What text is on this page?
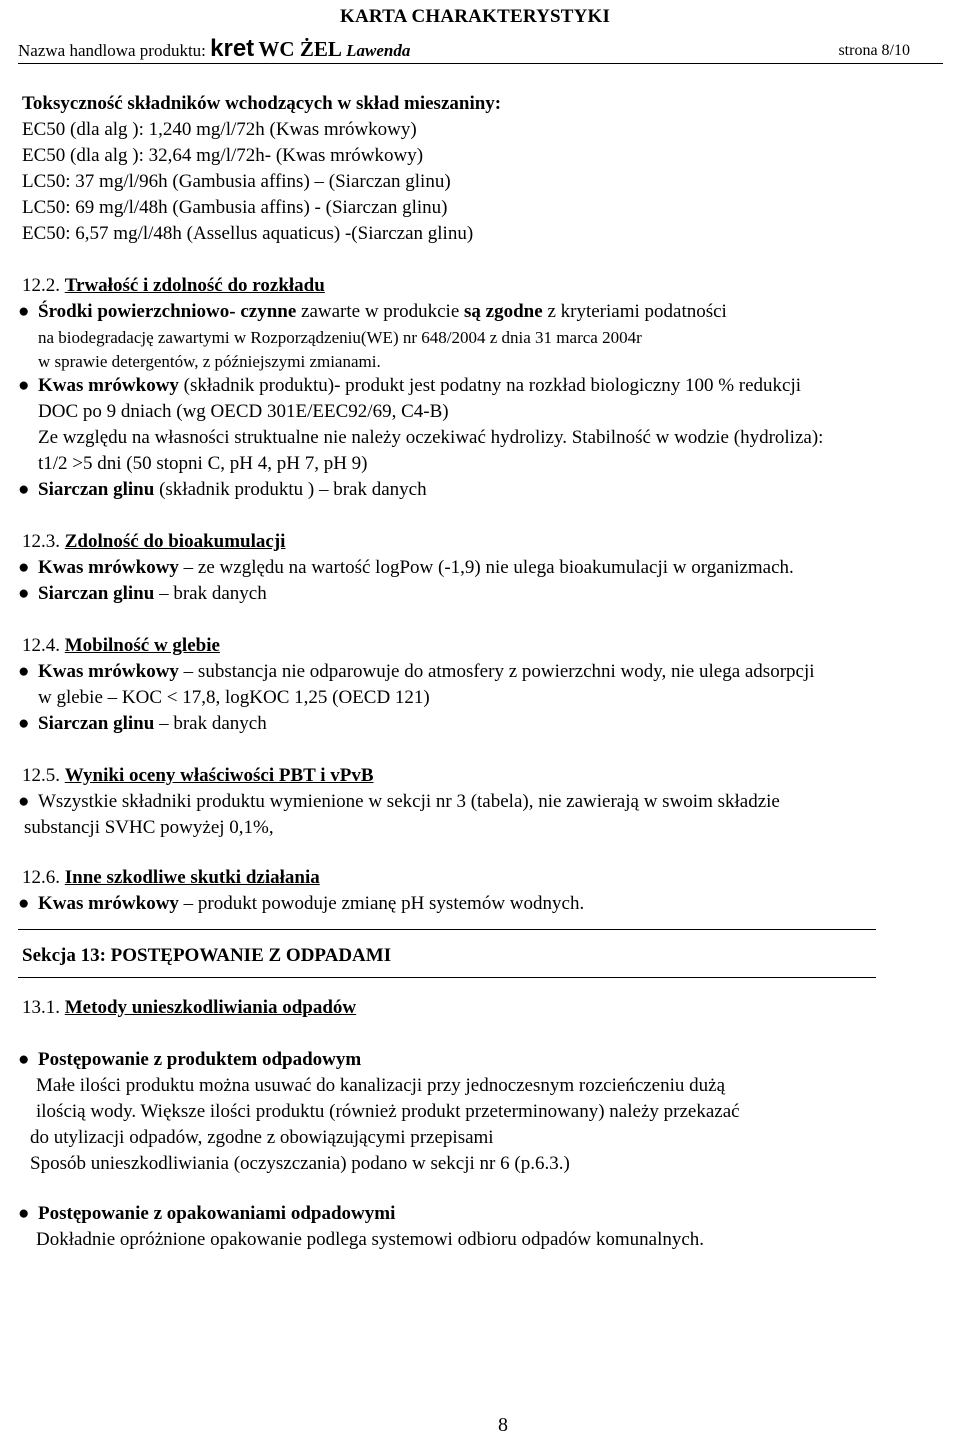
KARTA CHARAKTERYSTYKI
Nazwa handlowa produktu: kret WC ŻEL Lawenda	strona 8/10
Toksyczność składników wchodzących w skład mieszaniny:
EC50 (dla alg ): 1,240 mg/l/72h (Kwas mrówkowy)
EC50 (dla alg ): 32,64 mg/l/72h- (Kwas mrówkowy)
LC50: 37 mg/l/96h (Gambusia affins) – (Siarczan glinu)
LC50: 69 mg/l/48h (Gambusia affins) - (Siarczan glinu)
EC50: 6,57 mg/l/48h (Assellus aquaticus) -(Siarczan glinu)
12.2. Trwałość i zdolność do rozkładu
● Środki powierzchniowo- czynne zawarte w produkcie są zgodne z kryteriami podatności
na biodegradację zawartymi w Rozporządzeniu(WE) nr 648/2004 z dnia 31 marca 2004r
w sprawie detergentów, z późniejszymi zmianami.
● Kwas mrówkowy (składnik produktu)- produkt jest podatny na rozkład biologiczny 100 % redukcji
DOC po 9 dniach (wg OECD 301E/EEC92/69, C4-B)
Ze względu na własności struktualne nie należy oczekiwać hydrolizy. Stabilność w wodzie (hydroliza):
t1/2 >5 dni (50 stopni C, pH 4, pH 7, pH 9)
● Siarczan glinu (składnik produktu ) – brak danych
12.3. Zdolność do bioakumulacji
● Kwas mrówkowy – ze względu na wartość logPow (-1,9) nie ulega bioakumulacji w organizmach.
● Siarczan glinu – brak danych
12.4. Mobilność w glebie
● Kwas mrówkowy – substancja nie odparowuje do atmosfery z powierzchni wody, nie ulega adsorpcji
w glebie – KOC < 17,8, logKOC 1,25 (OECD 121)
● Siarczan glinu – brak danych
12.5. Wyniki oceny właściwości PBT i vPvB
● Wszystkie składniki produktu wymienione w sekcji nr 3 (tabela), nie zawierają w swoim składzie
substancji SVHC powyżej 0,1%,
12.6. Inne szkodliwe skutki działania
● Kwas mrówkowy – produkt powoduje zmianę pH systemów wodnych.
Sekcja 13: POSTĘPOWANIE Z ODPADAMI
13.1. Metody unieszkodliwiania odpadów
● Postępowanie z produktem odpadowym
Małe ilości produktu można usuwać do kanalizacji przy jednoczesnym rozcieńczeniu dużą
ilością wody. Większe ilości produktu (również produkt przeterminowany) należy przekazać
do utylizacji odpadów, zgodne z obowiązującymi przepisami
Sposób unieszkodliwiania (oczyszczania) podano w sekcji nr 6 (p.6.3.)
● Postępowanie z opakowaniami odpadowymi
Dokładnie opróżnione opakowanie podlega systemowi odbioru odpadów komunalnych.
8
